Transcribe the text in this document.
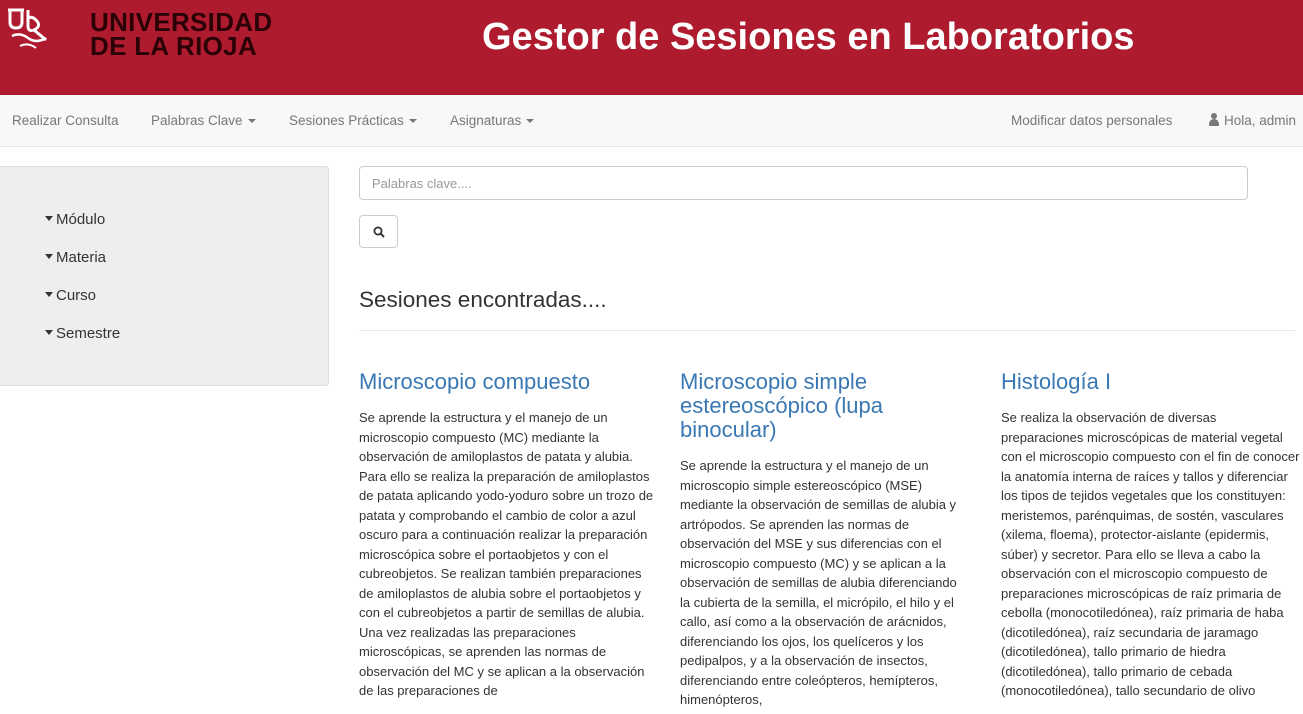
UNIVERSIDAD
DE LA RIOJA	Gestor de Sesiones en Laboratorios
Realizar Consulta Palabras Clave	Sesiones Prácticas	Asignaturas	Modificar datos personales	Hola, admin
Módulo
Materia
Curso
Semestre
Palabras clave....
Sesiones encontradas....
Microscopio compuesto

Se aprende la estructura y el manejo de un microscopio compuesto (MC) mediante la observación de amiloplastos de patata y alubia. Para ello se realiza la preparación de amiloplastos de patata aplicando yodo-yoduro sobre un trozo de patata y comprobando el cambio de color a azul oscuro para a continuación realizar la preparación microscópica sobre el portaobjetos y con el cubreobjetos. Se realizan también preparaciones de amiloplastos de alubia sobre el portaobjetos y con el cubreobjetos a partir de semillas de alubia. Una vez realizadas las preparaciones microscópicas, se aprenden las normas de observación del MC y se aplican a la observación de las preparaciones de

Microscopio simple estereoscópico (lupa binocular)

Se aprende la estructura y el manejo de un microscopio simple estereoscópico (MSE) mediante la observación de semillas de alubia y artrópodos. Se aprenden las normas de observación del MSE y sus diferencias con el microscopio compuesto (MC) y se aplican a la observación de semillas de alubia diferenciando la cubierta de la semilla, el micrópilo, el hilo y el callo, así como a la observación de arácnidos, diferenciando los ojos, los quelíceros y los pedipalpos, y a la observación de insectos, diferenciando entre coleópteros, hemípteros, himenópteros,

Histología I

Se realiza la observación de diversas preparaciones microscópicas de material vegetal con el microscopio compuesto con el fin de conocer la anatomía interna de raíces y tallos y diferenciar los tipos de tejidos vegetales que los constituyen: meristemos, parénquimas, de sostén, vasculares (xilema, floema), protector-aislante (epidermis, súber) y secretor. Para ello se lleva a cabo la observación con el microscopio compuesto de preparaciones microscópicas de raíz primaria de cebolla (monocotiledónea), raíz primaria de haba (dicotiledónea), raíz secundaria de jaramago (dicotiledónea), tallo primario de hiedra (dicotiledónea), tallo primario de cebada (monocotiledónea), tallo secundario de olivo
